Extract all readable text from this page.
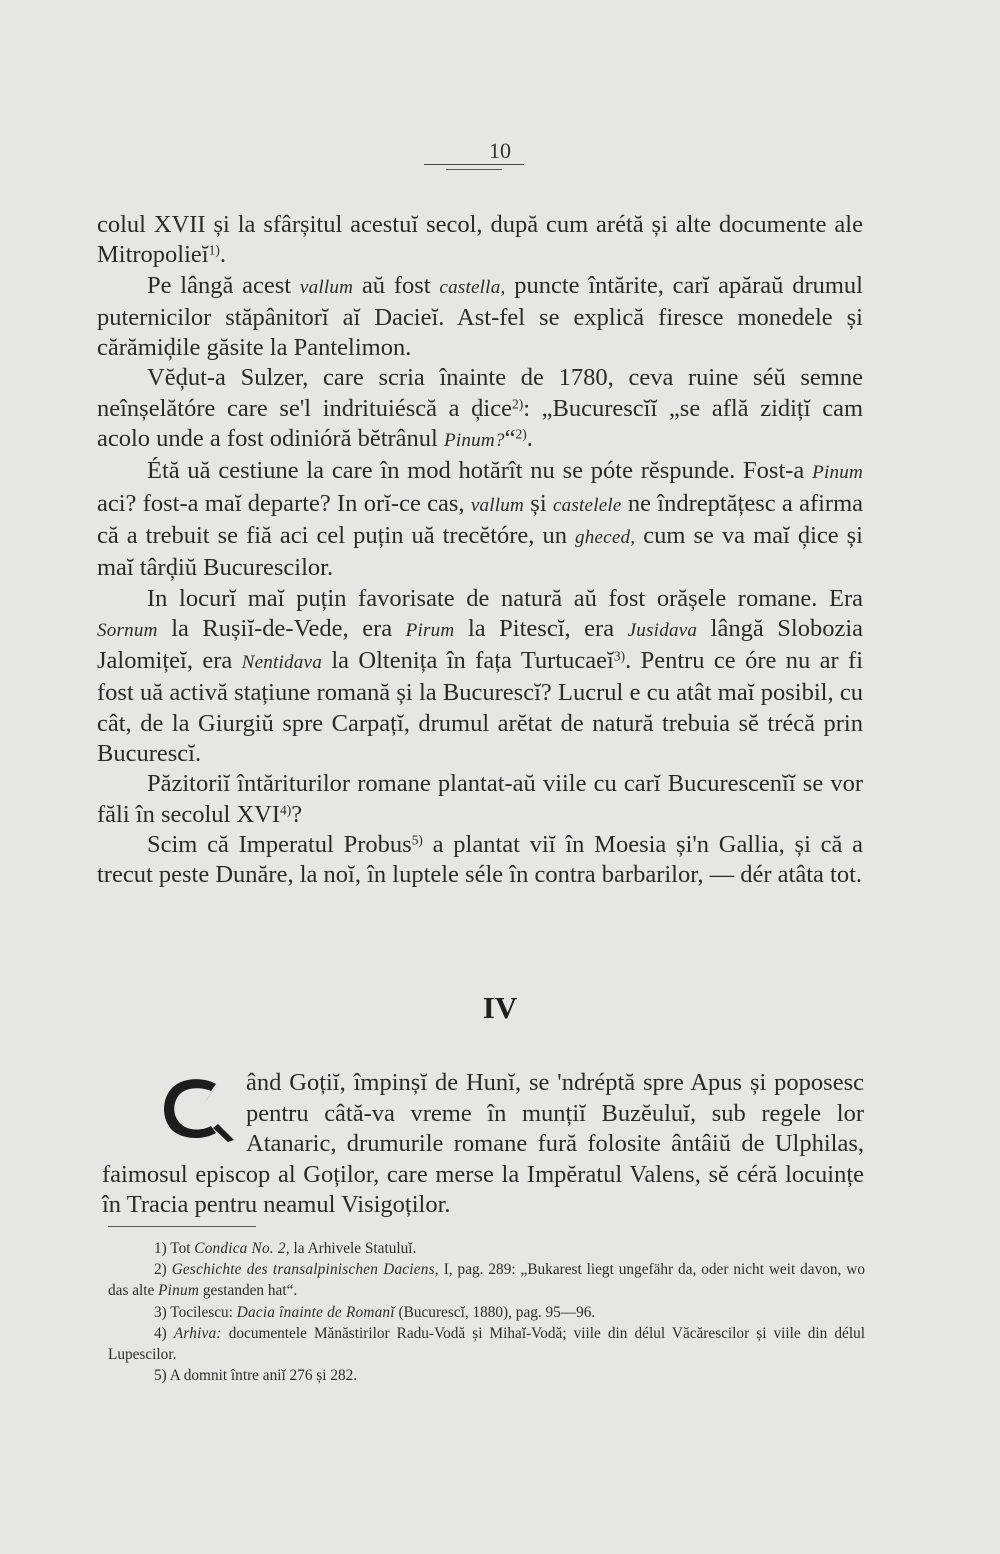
10

colul XVII și la sfârșitul acestuĭ secol, după cum arétă și alte documente ale Mitropolieĭ$^{1)}$.

Pe lângă acest vallum aŭ fost castella, puncte întărite, carĭ apăraŭ drumul puternicilor stăpânitorĭ aĭ Dacieĭ. Ast-fel se explică firesce monedele și cărămiḑile găsite la Pantelimon.

Vĕḑut-a Sulzer, care scria înainte de 1780, ceva ruine séŭ semne neînșelătóre care se'l indrituiéscă a ḑice$^{2)}$: „Bucurescĭĭ „se află zidițĭ cam acolo unde a fost odinióră bĕtrânul Pinum?“$^{2)}$.

Étă uă cestiune la care în mod hotărît nu se póte rĕspunde. Fost-a Pinum aci? fost-a maĭ departe? In orĭ-ce cas, vallum și castelele ne îndreptățesc a afirma că a trebuit se fiă aci cel puțin uă trecĕtóre, un gheced, cum se va maĭ ḑice și maĭ târḑiŭ Bucurescilor.

In locurĭ maĭ puțin favorisate de natură aŭ fost orășele romane. Era Sornum la Rușiĭ-de-Vede, era Pirum la Pitescĭ, era Jusidava lângă Slobozia Jalomițeĭ, era Nentidava la Oltenița în fața Turtucaeĭ$^{3)}$. Pentru ce óre nu ar fi fost uă activă stațiune romană și la Bucurescĭ? Lucrul e cu atât maĭ posibil, cu cât, de la Giurgiŭ spre Carpațĭ, drumul arĕtat de natură trebuia sĕ trécă prin Bucurescĭ.

Păzitoriĭ întăriturilor romane plantat-aŭ viile cu carĭ Bucurescenĭĭ se vor făli în secolul XVI$^{4)}$?

Scim că Imperatul Probus$^{5)}$ a plantat viĭ în Moesia și'n Gallia, și că a trecut peste Dunăre, la noĭ, în luptele séle în contra barbarilor, — dér atâta tot.

IV

ând Goțiĭ, împinșĭ de Hunĭ, se 'ndréptă spre Apus și poposesc pentru câtă-va vreme în munțiĭ Buzĕuluĭ, sub regele lor Atanaric, drumurile romane fură folosite ântâiŭ de Ulphilas, faimosul episcop al Goților, care merse la Impĕratul Valens, sĕ céră locuințe în Tracia pentru neamul Visigoților.

1) Tot Condica No. 2, la Arhivele Statuluĭ.

2) Geschichte des transalpinischen Daciens, I, pag. 289: „Bukarest liegt ungefähr da, oder nicht weit davon, wo das alte Pinum gestanden hat“.

3) Tocilescu: Dacia înainte de Romanĭ (Bucurescĭ, 1880), pag. 95—96.

4) Arhiva: documentele Mănăstirilor Radu-Vodă și Mihaĭ-Vodă; viile din délul Văcărescilor și viile din délul Lupescilor.

5) A domnit între aniĭ 276 și 282.
